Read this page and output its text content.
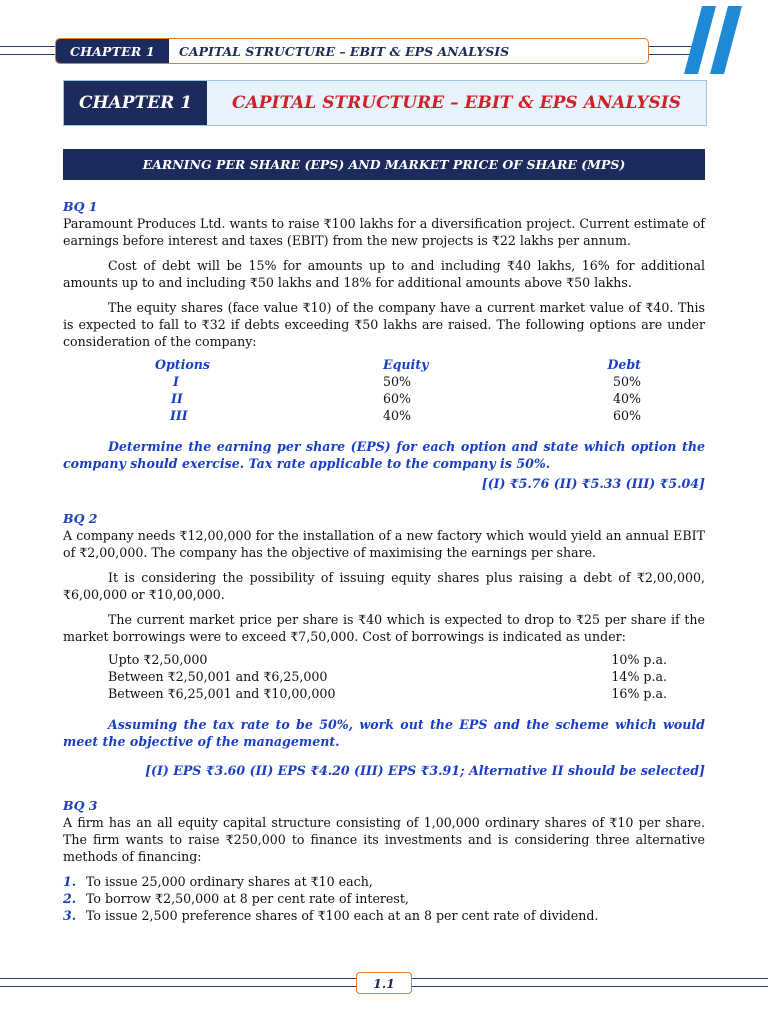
CHAPTER 1	CAPITAL STRUCTURE – EBIT & EPS ANALYSIS
CHAPTER 1	CAPITAL STRUCTURE – EBIT & EPS ANALYSIS
EARNING PER SHARE (EPS) AND MARKET PRICE OF SHARE (MPS)
BQ 1

Paramount Produces Ltd. wants to raise ₹100 lakhs for a diversification project. Current estimate of earnings before interest and taxes (EBIT) from the new projects is ₹22 lakhs per annum.

Cost of debt will be 15% for amounts up to and including ₹40 lakhs, 16% for additional amounts up to and including ₹50 lakhs and 18% for additional amounts above ₹50 lakhs.

The equity shares (face value ₹10) of the company have a current market value of ₹40. This is expected to fall to ₹32 if debts exceeding ₹50 lakhs are raised. The following options are under consideration of the company:

Options	Equity	Debt
I	50%	50%
II	60%	40%
III	40%	60%

Determine the earning per share (EPS) for each option and state which option the company should exercise. Tax rate applicable to the company is 50%.

[(I) ₹5.76 (II) ₹5.33 (III) ₹5.04]
BQ 2

A company needs ₹12,00,000 for the installation of a new factory which would yield an annual EBIT of ₹2,00,000. The company has the objective of maximising the earnings per share.

It is considering the possibility of issuing equity shares plus raising a debt of ₹2,00,000, ₹6,00,000 or ₹10,00,000.

The current market price per share is ₹40 which is expected to drop to ₹25 per share if the market borrowings were to exceed ₹7,50,000. Cost of borrowings is indicated as under:

Upto ₹2,50,000	10% p.a.
Between ₹2,50,001 and ₹6,25,000	14% p.a.
Between ₹6,25,001 and ₹10,00,000	16% p.a.

Assuming the tax rate to be 50%, work out the EPS and the scheme which would meet the objective of the management.

[(I) EPS ₹3.60 (II) EPS ₹4.20 (III) EPS ₹3.91; Alternative II should be selected]
BQ 3

A firm has an all equity capital structure consisting of 1,00,000 ordinary shares of ₹10 per share. The firm wants to raise ₹250,000 to finance its investments and is considering three alternative methods of financing:

1. To issue 25,000 ordinary shares at ₹10 each,
2. To borrow ₹2,50,000 at 8 per cent rate of interest,
3. To issue 2,500 preference shares of ₹100 each at an 8 per cent rate of dividend.
1.1
